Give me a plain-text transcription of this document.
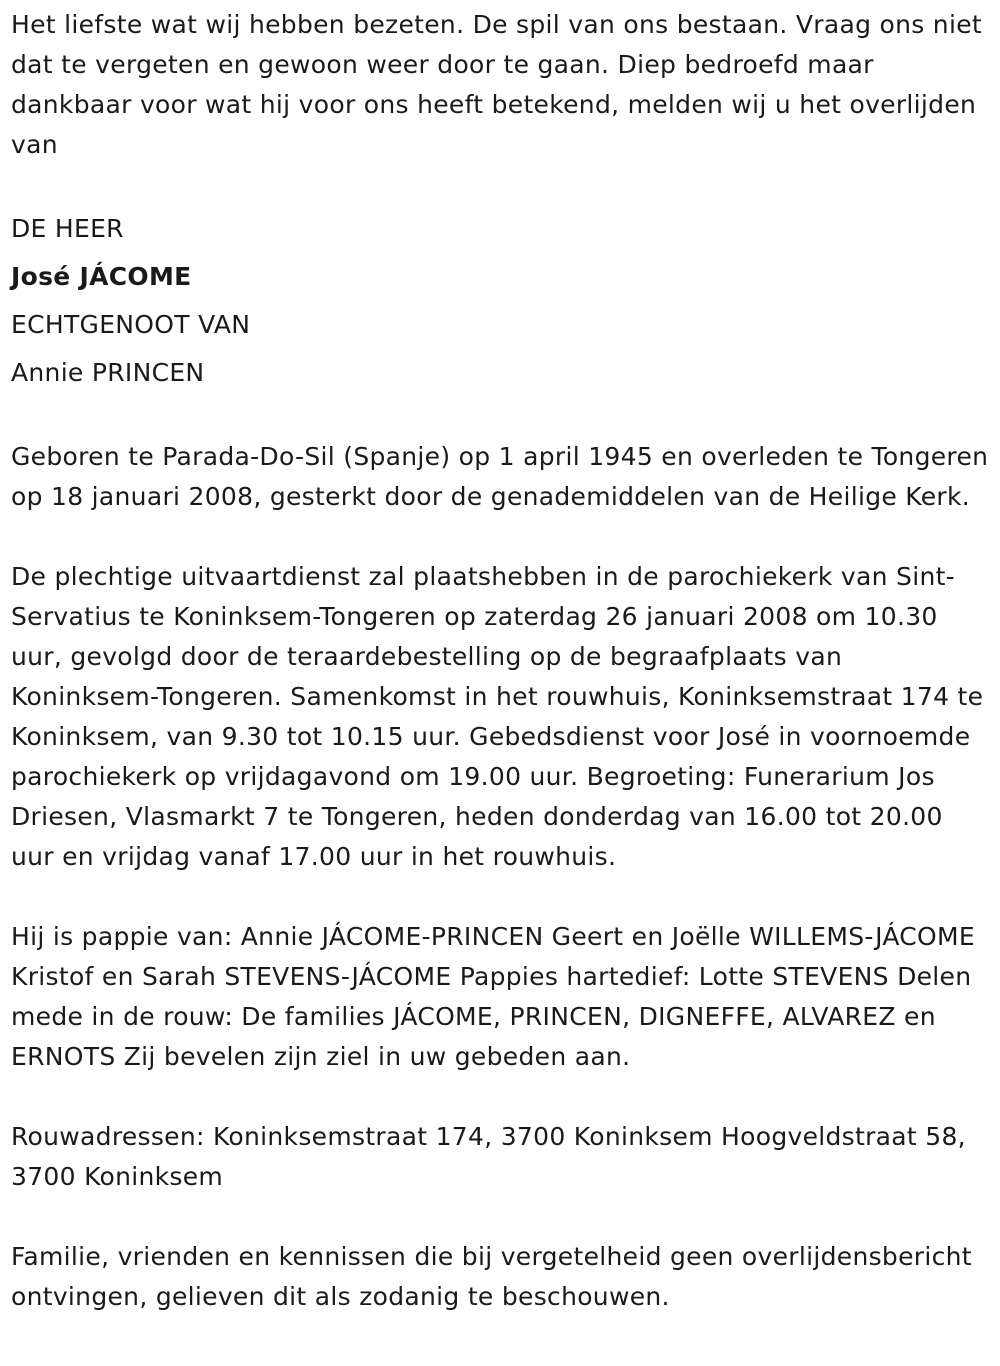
Het liefste wat wij hebben bezeten. De spil van ons bestaan. Vraag ons niet dat te vergeten en gewoon weer door te gaan. Diep bedroefd maar dankbaar voor wat hij voor ons heeft betekend, melden wij u het overlijden van

DE HEER

José JÁCOME

ECHTGENOOT VAN

Annie PRINCEN

Geboren te Parada-Do-Sil (Spanje) op 1 april 1945 en overleden te Tongeren op 18 januari 2008, gesterkt door de genademiddelen van de Heilige Kerk.

De plechtige uitvaartdienst zal plaatshebben in de parochiekerk van Sint-Servatius te Koninksem-Tongeren op zaterdag 26 januari 2008 om 10.30 uur, gevolgd door de teraardebestelling op de begraafplaats van Koninksem-Tongeren. Samenkomst in het rouwhuis, Koninksemstraat 174 te Koninksem, van 9.30 tot 10.15 uur. Gebedsdienst voor José in voornoemde parochiekerk op vrijdagavond om 19.00 uur. Begroeting: Funerarium Jos Driesen, Vlasmarkt 7 te Tongeren, heden donderdag van 16.00 tot 20.00 uur en vrijdag vanaf 17.00 uur in het rouwhuis.

Hij is pappie van: Annie JÁCOME-PRINCEN Geert en Joëlle WILLEMS-JÁCOME Kristof en Sarah STEVENS-JÁCOME Pappies hartedief: Lotte STEVENS Delen mede in de rouw: De families JÁCOME, PRINCEN, DIGNEFFE, ALVAREZ en ERNOTS Zij bevelen zijn ziel in uw gebeden aan.

Rouwadressen: Koninksemstraat 174, 3700 Koninksem Hoogveldstraat 58, 3700 Koninksem

Familie, vrienden en kennissen die bij vergetelheid geen overlijdensbericht ontvingen, gelieven dit als zodanig te beschouwen.
